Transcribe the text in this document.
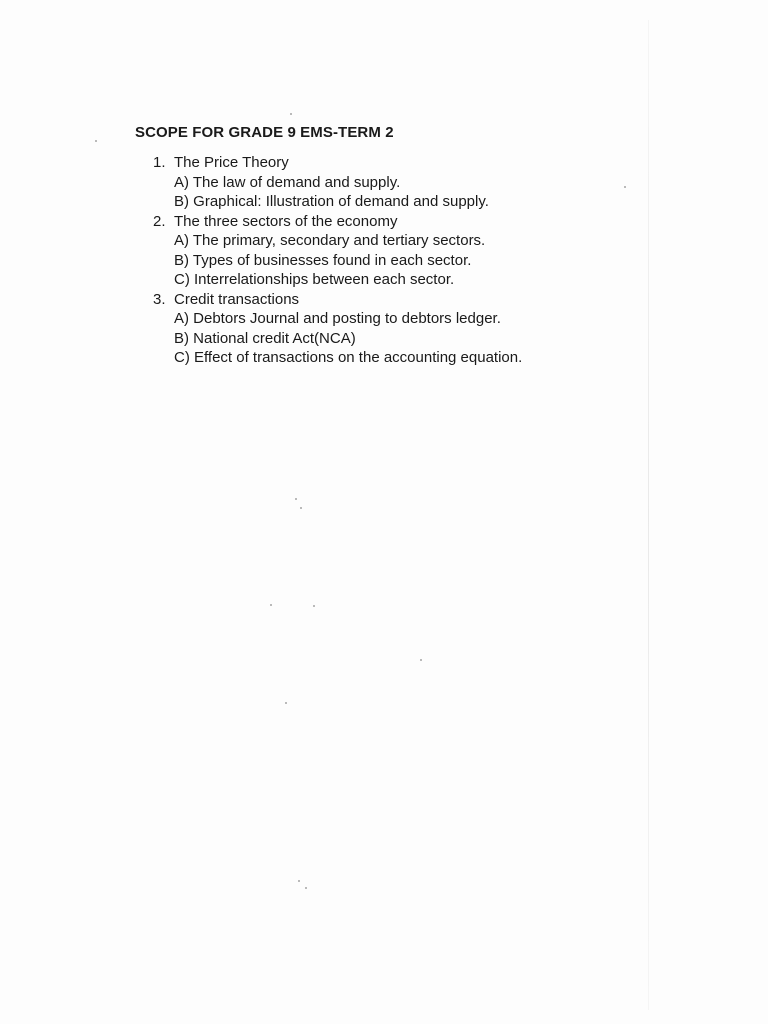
SCOPE FOR GRADE 9 EMS-TERM 2
1. The Price Theory
A) The law of demand and supply.
B) Graphical: Illustration of demand and supply.
2. The three sectors of the economy
A) The primary, secondary and tertiary sectors.
B) Types of businesses found in each sector.
C) Interrelationships between each sector.
3. Credit transactions
A) Debtors Journal and posting to debtors ledger.
B) National credit Act(NCA)
C) Effect of transactions on the accounting equation.
